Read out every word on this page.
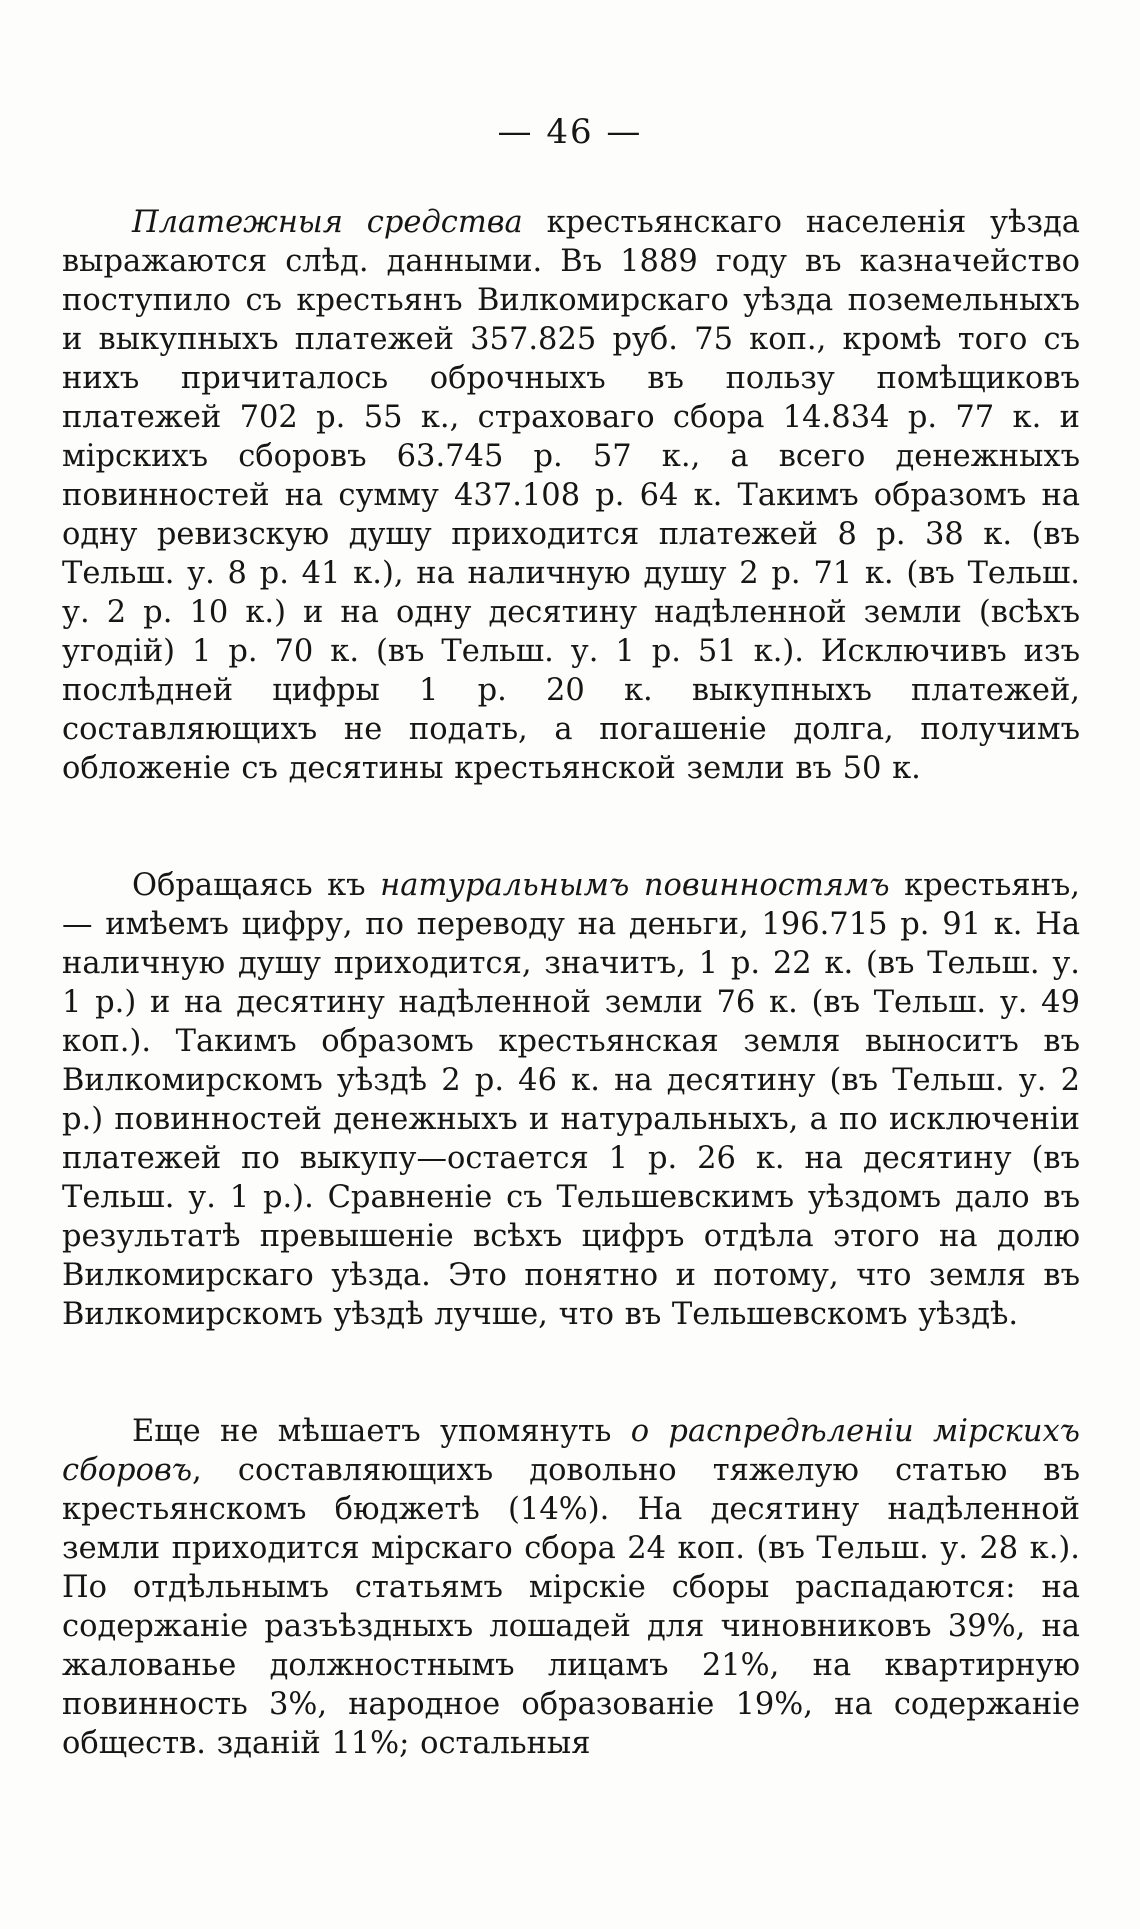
— 46 —

Платежныя средства крестьянскаго населенія уѣзда выражаются слѣд. данными. Въ 1889 году въ казначейство поступило съ крестьянъ Вилкомирскаго уѣзда поземельныхъ и выкупныхъ платежей 357.825 руб. 75 коп., кромѣ того съ нихъ причиталось оброчныхъ въ пользу помѣщиковъ платежей 702 р. 55 к., страховаго сбора 14.834 р. 77 к. и мірскихъ сборовъ 63.745 р. 57 к., а всего денежныхъ повинностей на сумму 437.108 р. 64 к. Такимъ образомъ на одну ревизскую душу приходится платежей 8 р. 38 к. (въ Тельш. у. 8 р. 41 к.), на наличную душу 2 р. 71 к. (въ Тельш. у. 2 р. 10 к.) и на одну десятину надѣленной земли (всѣхъ угодій) 1 р. 70 к. (въ Тельш. у. 1 р. 51 к.). Исключивъ изъ послѣдней цифры 1 р. 20 к. выкупныхъ платежей, составляющихъ не подать, а погашеніе долга, получимъ обложеніе съ десятины крестьянской земли въ 50 к.

Обращаясь къ натуральнымъ повинностямъ крестьянъ,— имѣемъ цифру, по переводу на деньги, 196.715 р. 91 к. На наличную душу приходится, значитъ, 1 р. 22 к. (въ Тельш. у. 1 р.) и на десятину надѣленной земли 76 к. (въ Тельш. у. 49 коп.). Такимъ образомъ крестьянская земля выноситъ въ Вилкомирскомъ уѣздѣ 2 р. 46 к. на десятину (въ Тельш. у. 2 р.) повинностей денежныхъ и натуральныхъ, а по исключеніи платежей по выкупу—остается 1 р. 26 к. на десятину (въ Тельш. у. 1 р.). Сравненіе съ Тельшевскимъ уѣздомъ дало въ результатѣ превышеніе всѣхъ цифръ отдѣла этого на долю Вилкомирскаго уѣзда. Это понятно и потому, что земля въ Вилкомирскомъ уѣздѣ лучше, что въ Тельшевскомъ уѣздѣ.

Еще не мѣшаетъ упомянуть о распредѣленіи мірскихъ сборовъ, составляющихъ довольно тяжелую статью въ крестьянскомъ бюджетѣ (14%). На десятину надѣленной земли приходится мірскаго сбора 24 коп. (въ Тельш. у. 28 к.). По отдѣльнымъ статьямъ мірскіе сборы распадаются: на содержаніе разъѣздныхъ лошадей для чиновниковъ 39%, на жалованье должностнымъ лицамъ 21%, на квартирную повинность 3%, народное образованіе 19%, на содержаніе обществ. зданій 11%; остальныя
